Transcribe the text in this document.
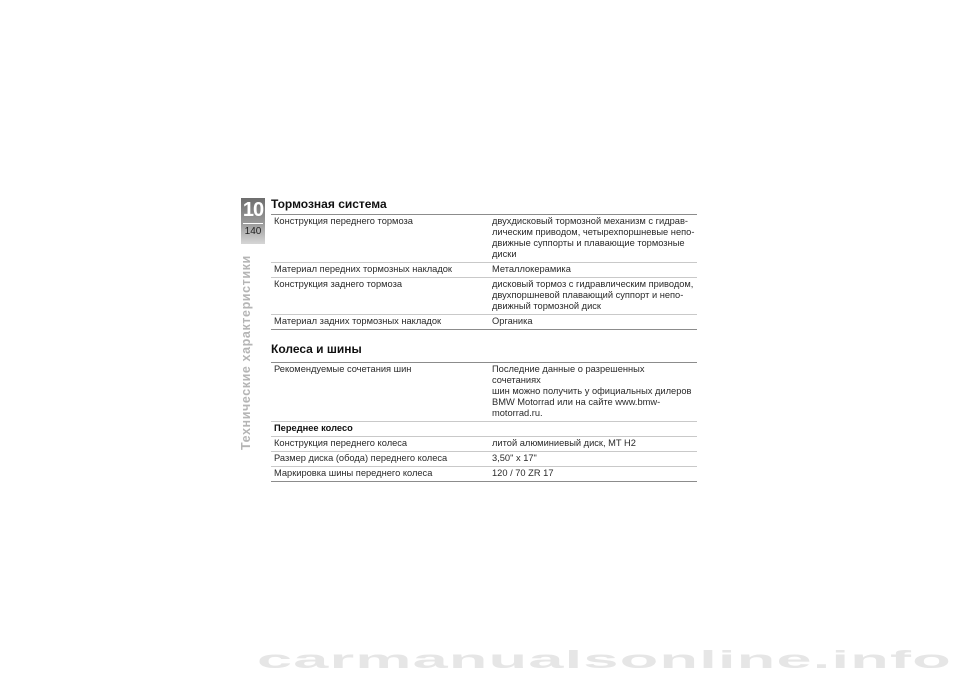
10
140
Технические характеристики
Тормозная система
Конструкция переднего тормоза	двухдисковый тормозной механизм с гидрав-
лическим приводом, четырехпоршневые непо-
движные суппорты и плавающие тормозные
диски

Материал передних тормозных накладок	Металлокерамика
Конструкция заднего тормоза	дисковый тормоз с гидравлическим приводом,
двухпоршневой плавающий суппорт и непо-
движный тормозной диск

Материал задних тормозных накладок	Органика
Колеса и шины
Рекомендуемые сочетания шин	Последние данные о разрешенных сочетаниях
шин можно получить у официальных дилеров
BMW Motorrad или на сайте www.bmw-
motorrad.ru.

Переднее колесо	
Конструкция переднего колеса	литой алюминиевый диск, MT H2
Размер диска (обода) переднего колеса	3,50" x 17"
Маркировка шины переднего колеса	120 / 70 ZR 17
carmanualsonline.info
